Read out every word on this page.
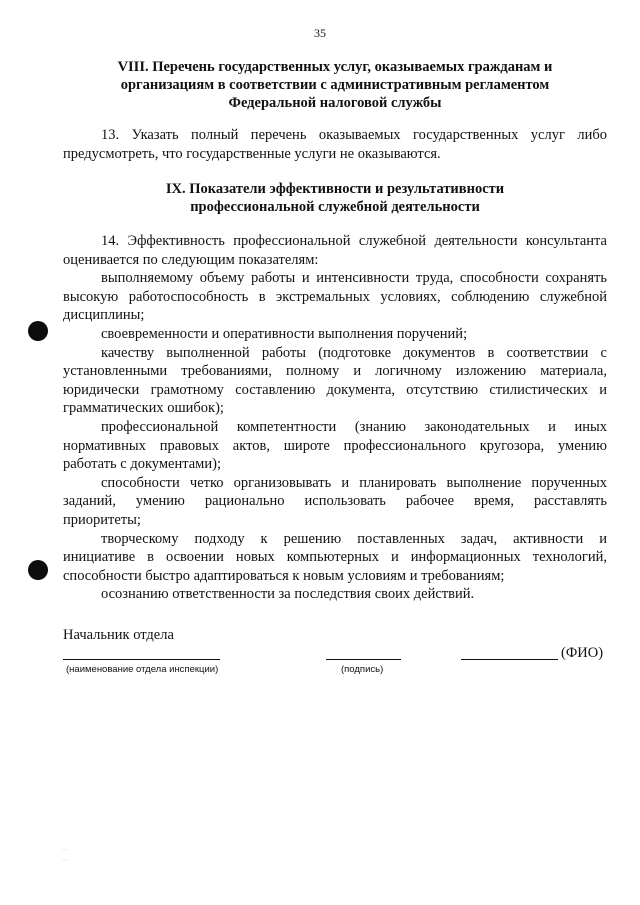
35
VIII. Перечень государственных услуг, оказываемых гражданам и
организациям в соответствии с административным регламентом
Федеральной налоговой службы
13. Указать полный перечень оказываемых государственных услуг либо
предусмотреть, что государственные услуги не оказываются.
IX. Показатели эффективности и результативности
профессиональной служебной деятельности
14. Эффективность профессиональной служебной деятельности консультанта
оценивается по следующим показателям:
выполняемому объему работы и интенсивности труда, способности сохранять
высокую работоспособность в экстремальных условиях, соблюдению служебной
дисциплины;
своевременности и оперативности выполнения поручений;
качеству выполненной работы (подготовке документов в соответствии с
установленными требованиями, полному и логичному изложению материала,
юридически грамотному составлению документа, отсутствию стилистических и
грамматических ошибок);
профессиональной компетентности (знанию законодательных и иных
нормативных правовых актов, широте профессионального кругозора, умению
работать с документами);
способности четко организовывать и планировать выполнение порученных
заданий, умению рационально использовать рабочее время, расставлять
приоритеты;
творческому подходу к решению поставленных задач, активности и
инициативе в освоении новых компьютерных и информационных технологий,
способности быстро адаптироваться к новым условиям и требованиям;
осознанию ответственности за последствия своих действий.
Начальник отдела
(ФИО)
(наименование отдела инспекции)	(подпись)
...
...
